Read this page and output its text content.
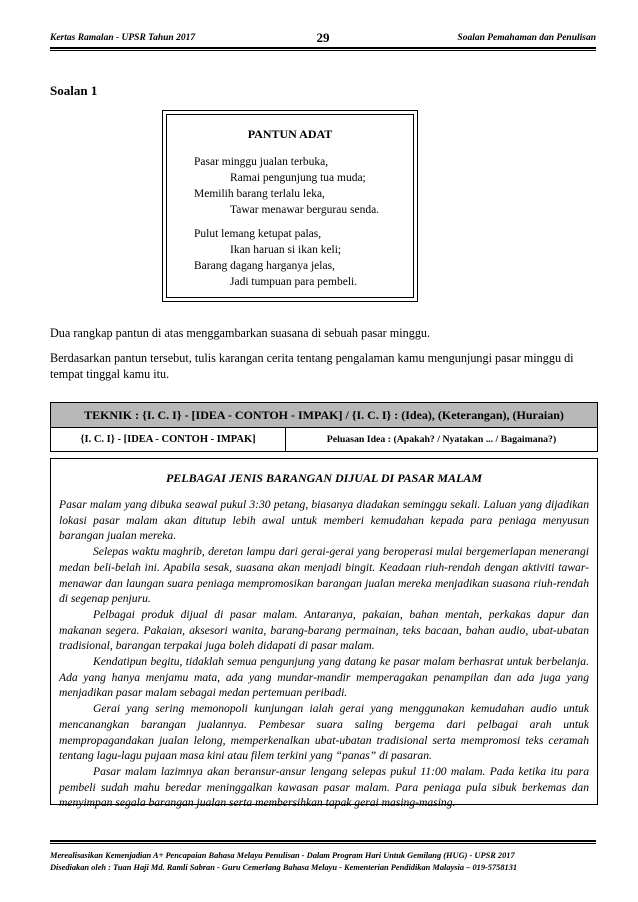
Kertas Ramalan - UPSR Tahun 2017	29	Soalan Pemahaman dan Penulisan
Soalan 1
PANTUN ADAT
Pasar minggu jualan terbuka,
Ramai pengunjung tua muda;
Memilih barang terlalu leka,
Tawar menawar bergurau senda.
Pulut lemang ketupat palas,
Ikan haruan si ikan keli;
Barang dagang harganya jelas,
Jadi tumpuan para pembeli.
Dua rangkap pantun di atas menggambarkan suasana di sebuah pasar minggu.
Berdasarkan pantun tersebut, tulis karangan cerita tentang pengalaman kamu mengunjungi pasar minggu di tempat tinggal kamu itu.
TEKNIK : {I. C. I} - [IDEA - CONTOH - IMPAK] / {I. C. I} : (Idea), (Keterangan), (Huraian)
{I. C. I} - [IDEA - CONTOH - IMPAK]	Peluasan Idea : (Apakah? / Nyatakan ... / Bagaimana?)
PELBAGAI JENIS BARANGAN DIJUAL DI PASAR MALAM

Pasar malam yang dibuka seawal pukul 3:30 petang, biasanya diadakan seminggu sekali. Laluan yang dijadikan lokasi pasar malam akan ditutup lebih awal untuk memberi kemudahan kepada para peniaga menyusun barangan jualan mereka.

Selepas waktu maghrib, deretan lampu dari gerai-gerai yang beroperasi mulai bergemerlapan menerangi medan beli-belah ini. Apabila sesak, suasana akan menjadi bingit. Keadaan riuh-rendah dengan aktiviti tawar-menawar dan laungan suara peniaga mempromosikan barangan jualan mereka menjadikan suasana riuh-rendah di segenap penjuru.

Pelbagai produk dijual di pasar malam. Antaranya, pakaian, bahan mentah, perkakas dapur dan makanan segera. Pakaian, aksesori wanita, barang-barang permainan, teks bacaan, bahan audio, ubat-ubatan tradisional, barangan terpakai juga boleh didapati di pasar malam.

Kendatipun begitu, tidaklah semua pengunjung yang datang ke pasar malam berhasrat untuk berbelanja. Ada yang hanya menjamu mata, ada yang mundar-mandir memperagakan penampilan dan ada juga yang menjadikan pasar malam sebagai medan pertemuan peribadi.

Gerai yang sering memonopoli kunjungan ialah gerai yang menggunakan kemudahan audio untuk mencanangkan barangan jualannya. Pembesar suara saling bergema dari pelbagai arah untuk mempropagandakan jualan lelong, memperkenalkan ubat-ubatan tradisional serta mempromosi teks ceramah tentang lagu-lagu pujaan masa kini atau filem terkini yang “panas” di pasaran.

Pasar malam lazimnya akan beransur-ansur lengang selepas pukul 11:00 malam. Pada ketika itu para pembeli sudah mahu beredar meninggalkan kawasan pasar malam. Para peniaga pula sibuk berkemas dan menyimpan segala barangan jualan serta membersihkan tapak gerai masing-masing.

Merealisasikan Kemenjadian A+ Pencapaian Bahasa Melayu Penulisan - Dalam Program Hari Untuk Gemilang (HUG) - UPSR 2017
Disediakan oleh : Tuan Haji Md. Ramli Sabran - Guru Cemerlang Bahasa Melayu - Kementerian Pendidikan Malaysia – 019-5758131
